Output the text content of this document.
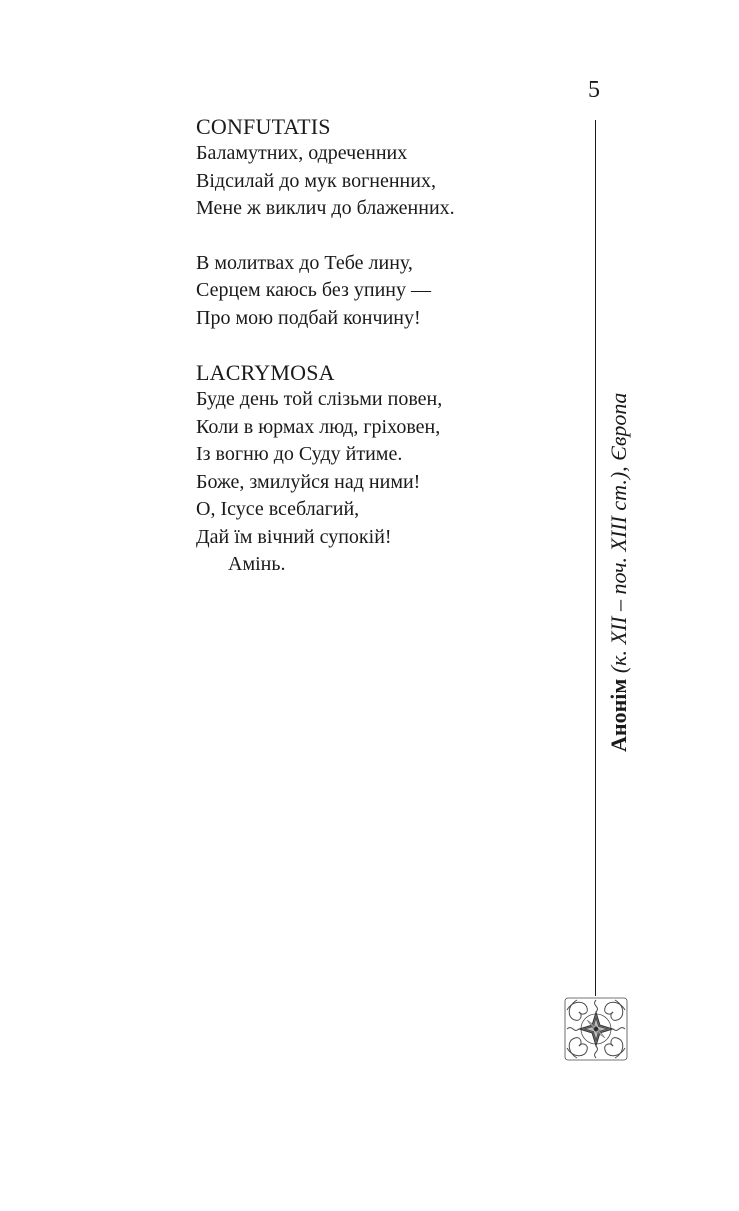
5
CONFUTATIS
Баламутних, одреченних
Відсилай до мук вогненних,
Мене ж виклич до блаженних.
В молитвах до Тебе лину,
Серцем каюсь без упину —
Про мою подбай кончину!
LACRYMOSA
Буде день той слізьми повен,
Коли в юрмах люд, гріховен,
Із вогню до Суду йтиме.
Боже, змилуйся над ними!
О, Ісусе всеблагий,
Дай їм вічний супокій!
Амінь.
Анонім (к. XII – поч. XIII ст.), Європа
